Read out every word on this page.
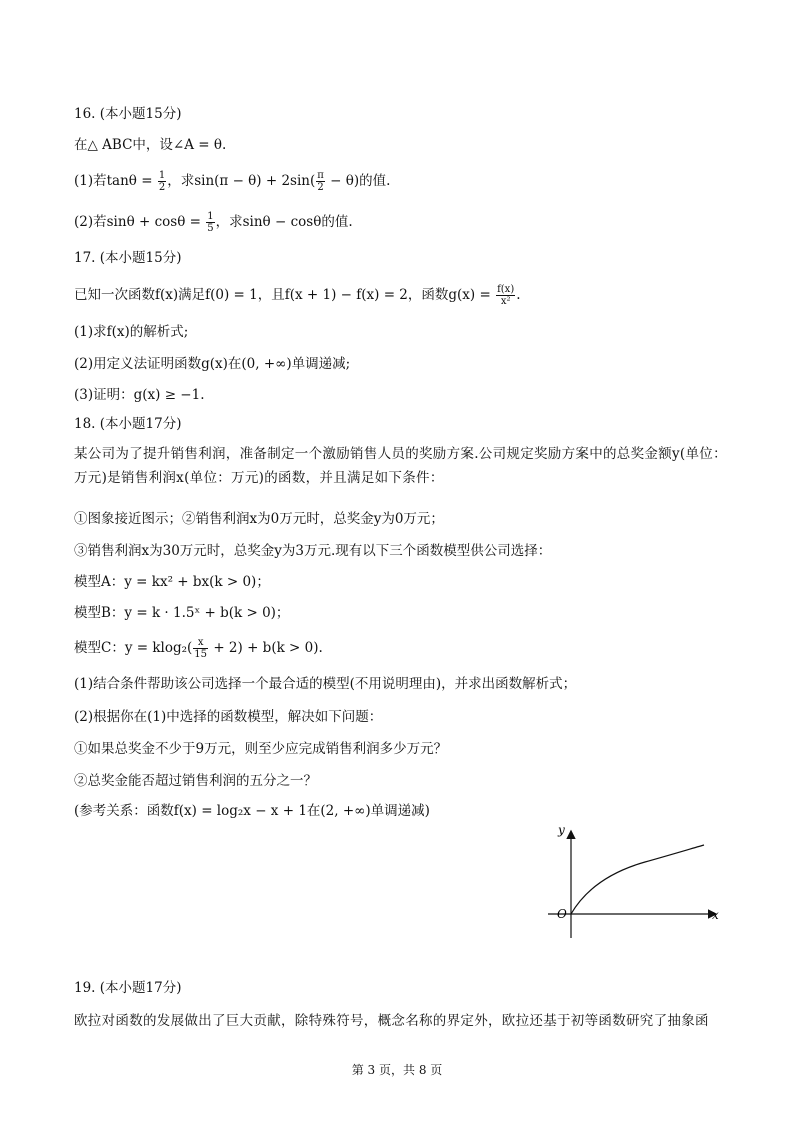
16. (本小题15分)
在△ ABC中，设∠A = θ.
(1)若$\tan\theta = \frac{1}{2}$ ，求$\sin(\pi - \theta) + 2\sin( \frac{\pi}{2} - \theta)$的值.
(2)若$\sin\theta + \cos\theta = \frac{1}{5}$ ，求sinθ − cosθ的值.
17. (本小题15分)
已知一次函数f(x)满足f(0) = 1，且f(x + 1) − f(x) = 2，函数$g(x) = \frac{f(x)}{\text{x²}}$ .
(1)求f(x)的解析式;
(2)用定义法证明函数g(x)在(0, +∞)单调递减;
(3)证明：g(x) ≥ −1.
18. (本小题17分)
某公司为了提升销售利润，准备制定一个激励销售人员的奖励方案.公司规定奖励方案中的总奖金额y(单位：万元)是销售利润x(单位：万元)的函数，并且满足如下条件：
①图象接近图示；②销售利润x为0万元时，总奖金y为0万元；
③销售利润x为30万元时，总奖金y为3万元.现有以下三个函数模型供公司选择：
模型A：y = kx² + bx(k > 0)；
模型B：y = k · 1.5ˣ + b(k > 0)；
模型C：$y = klog_2( \frac{x}{15} + 2) + b(k > 0)$.
(1)结合条件帮助该公司选择一个最合适的模型(不用说明理由)，并求出函数解析式；
(2)根据你在(1)中选择的函数模型，解决如下问题：
①如果总奖金不少于9万元，则至少应完成销售利润多少万元？
②总奖金能否超过销售利润的五分之一？
(参考关系：函数f(x) = log₂x − x + 1在(2, +∞)单调递减)
y
x
O
19. (本小题17分)
欧拉对函数的发展做出了巨大贡献，除特殊符号，概念名称的界定外，欧拉还基于初等函数研究了抽象函
第 3 页，共 8 页
